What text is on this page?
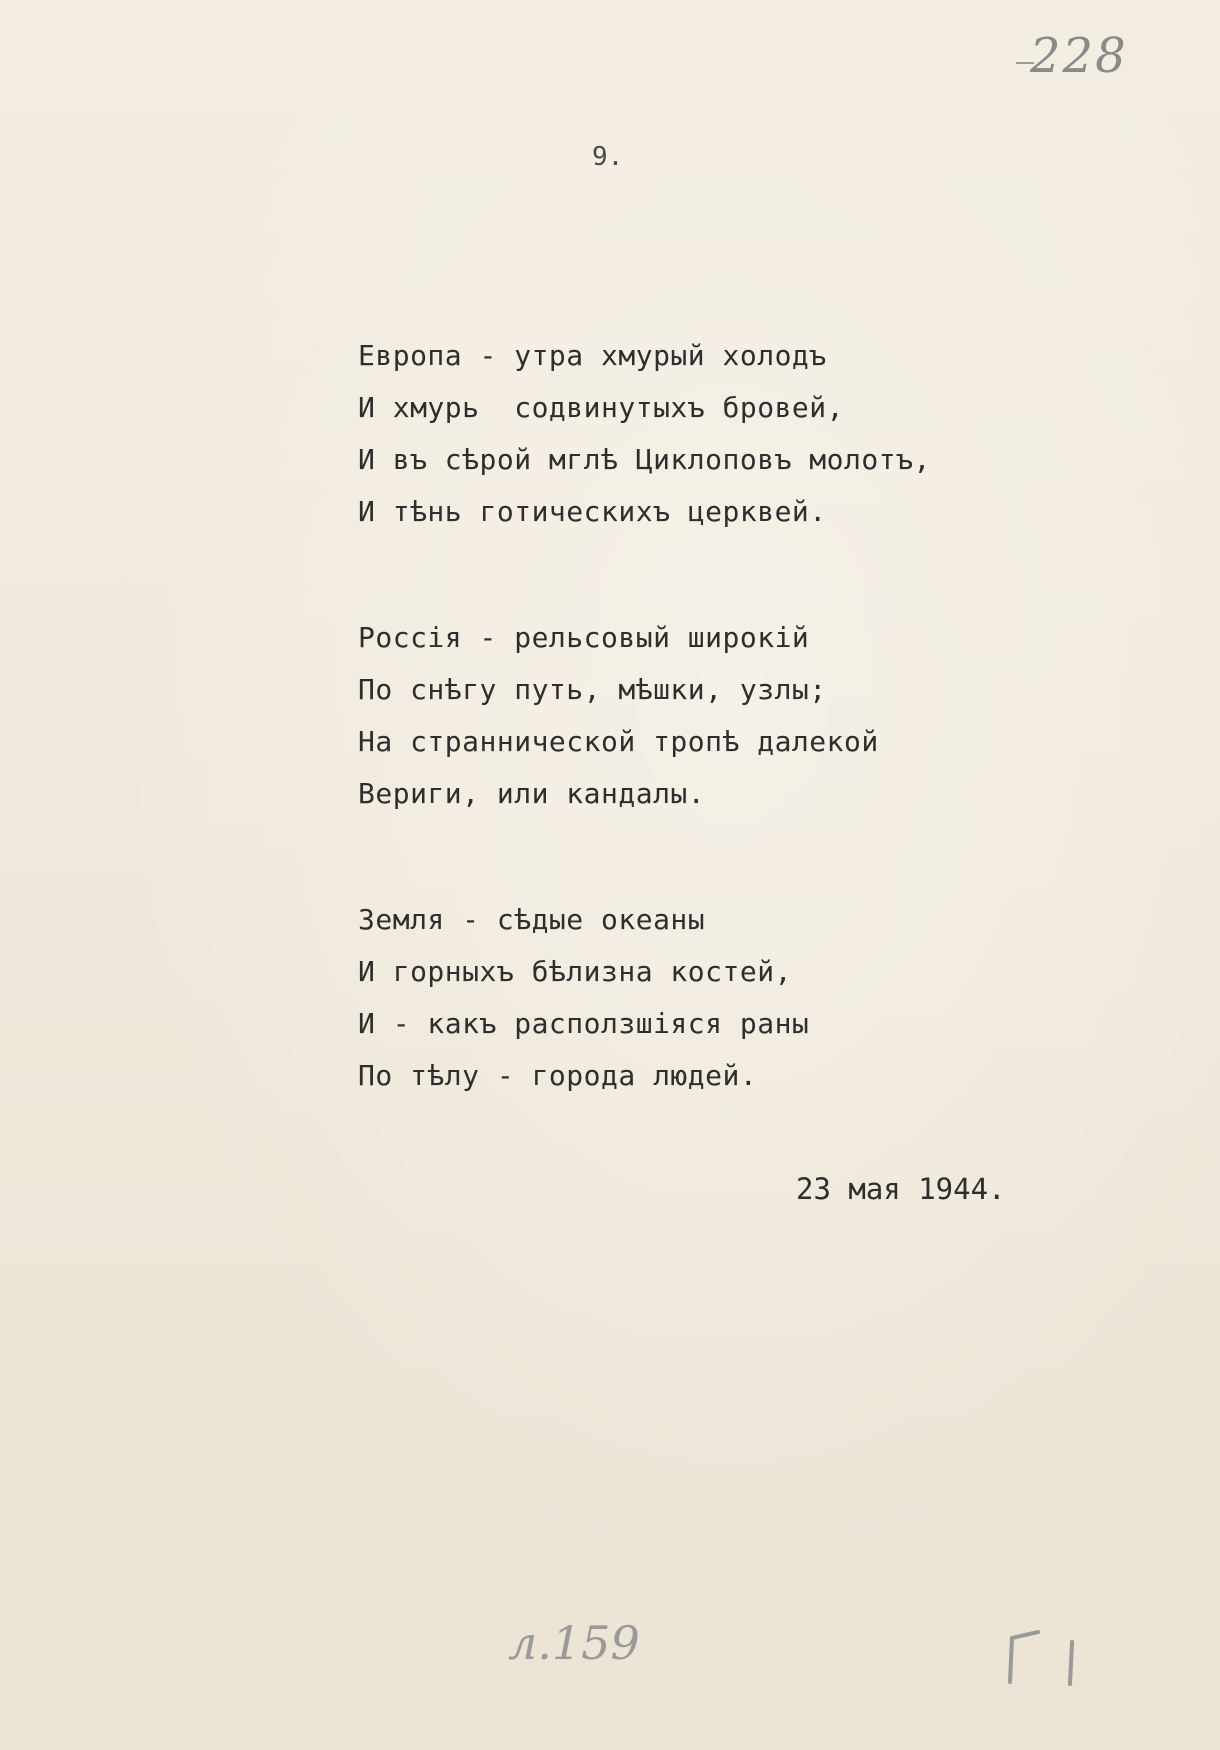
228
9.
Европа - утра хмурый холодъ
И хмурь  содвинутыхъ бровей,
И въ сѣрой мглѣ Циклоповъ молотъ,
И тѣнь готическихъ церквей.
Россія - рельсовый широкій
По снѣгу путь, мѣшки, узлы;
На страннической тропѣ далекой
Вериги, или кандалы.
Земля - сѣдые океаны
И горныхъ бѣлизна костей,
И - какъ расползшіяся раны
По тѣлу - города людей.
23 мая 1944.
л.159
